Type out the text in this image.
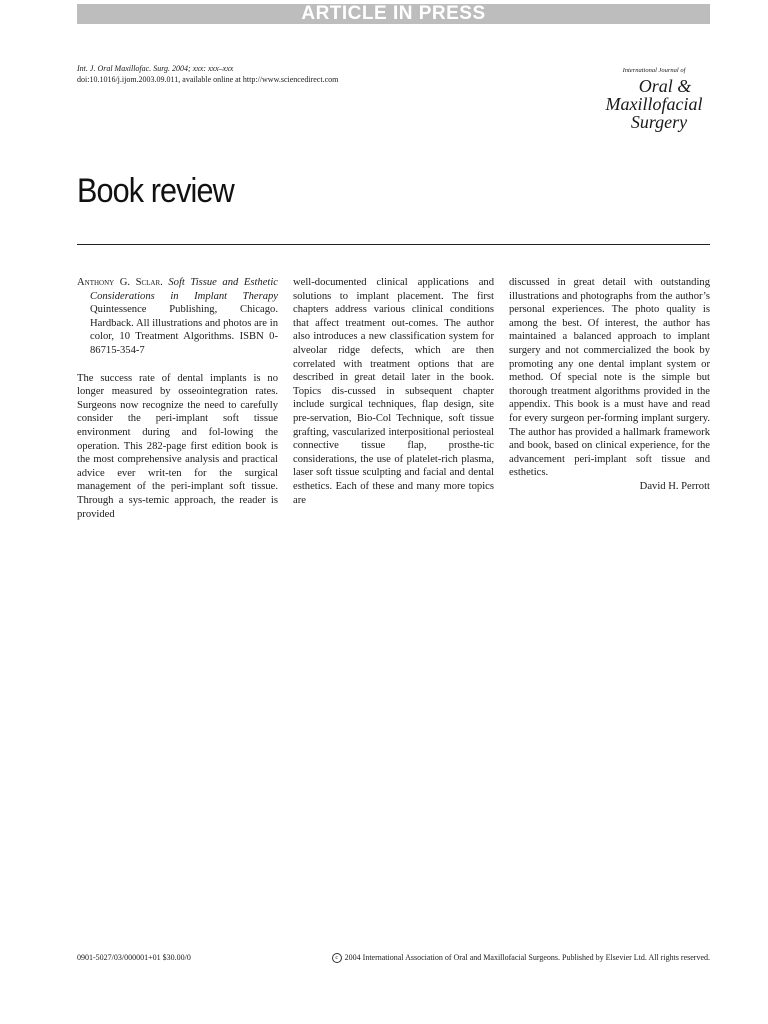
ARTICLE IN PRESS
Int. J. Oral Maxillofac. Surg. 2004; xxx: xxx–xxx
doi:10.1016/j.ijom.2003.09.011, available online at http://www.sciencedirect.com
International Journal of
Oral &
Maxillofacial
Surgery
Book review

Anthony G. Sclar. Soft Tissue and Esthetic Considerations in Implant Therapy Quintessence Publishing, Chicago. Hardback. All illustrations and photos are in color, 10 Treatment Algorithms. ISBN 0-86715-354-7

The success rate of dental implants is no longer measured by osseointegration rates. Surgeons now recognize the need to carefully consider the peri-implant soft tissue environment during and fol-lowing the operation. This 282-page first edition book is the most comprehensive analysis and practical advice ever writ-ten for the surgical management of the peri-implant soft tissue. Through a sys-temic approach, the reader is provided

well-documented clinical applications and solutions to implant placement. The first chapters address various clinical conditions that affect treatment out-comes. The author also introduces a new classification system for alveolar ridge defects, which are then correlated with treatment options that are described in great detail later in the book. Topics dis-cussed in subsequent chapter include surgical techniques, flap design, site pre-servation, Bio-Col Technique, soft tissue grafting, vascularized interpositional periosteal connective tissue flap, prosthe-tic considerations, the use of platelet-rich plasma, laser soft tissue sculpting and facial and dental esthetics. Each of these and many more topics are

discussed in great detail with outstanding illustrations and photographs from the author’s personal experiences. The photo quality is among the best. Of interest, the author has maintained a balanced approach to implant surgery and not commercialized the book by promoting any one dental implant system or method. Of special note is the simple but thorough treatment algorithms provided in the appendix. This book is a must have and read for every surgeon per-forming implant surgery. The author has provided a hallmark framework and book, based on clinical experience, for the advancement peri-implant soft tissue and esthetics.

David H. Perrott

0901-5027/03/000001+01 $30.00/0	c 2004 International Association of Oral and Maxillofacial Surgeons. Published by Elsevier Ltd. All rights reserved.
